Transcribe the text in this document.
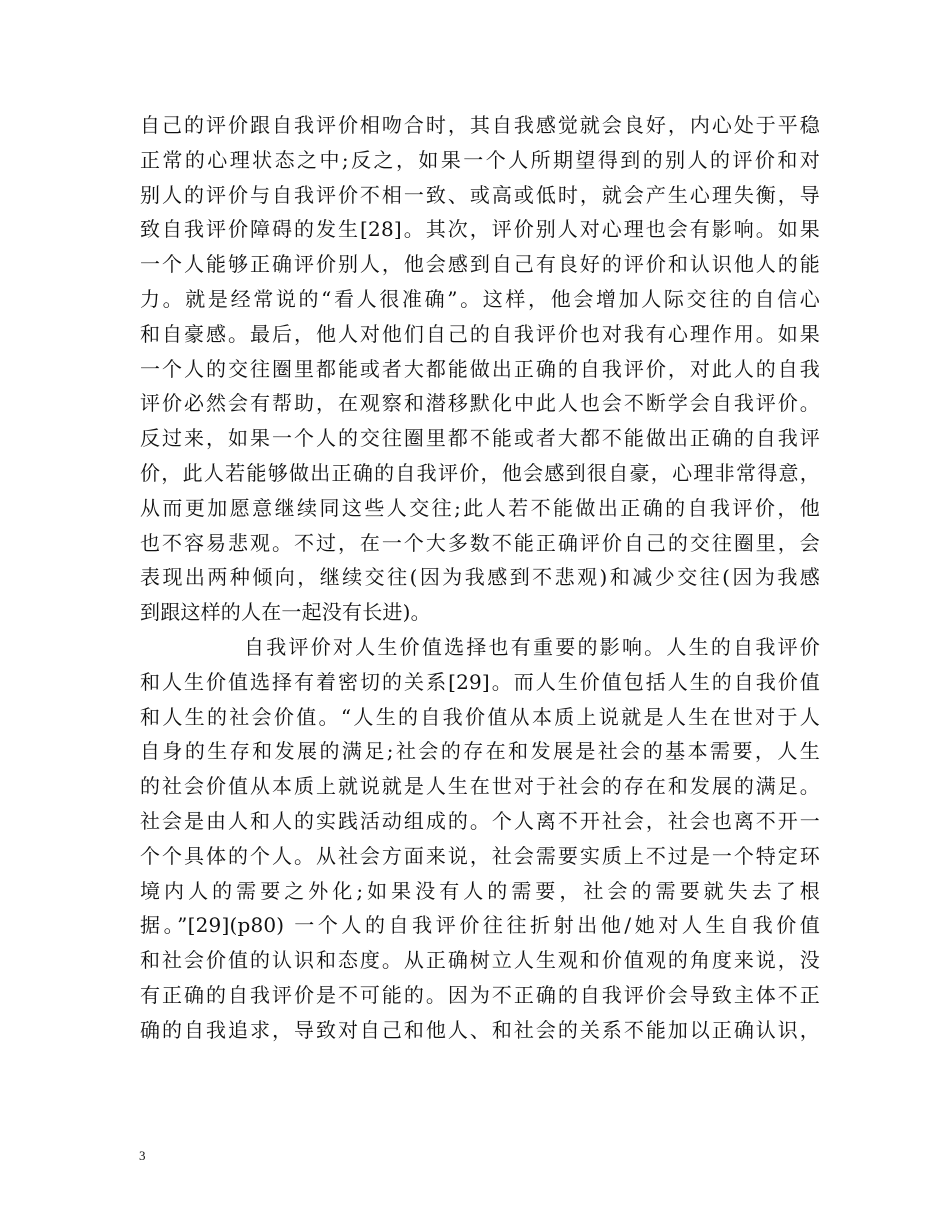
自己的评价跟自我评价相吻合时，其自我感觉就会良好，内心处于平稳
正常的心理状态之中;反之，如果一个人所期望得到的别人的评价和对
别人的评价与自我评价不相一致、或高或低时，就会产生心理失衡，导
致自我评价障碍的发生[28]。其次，评价别人对心理也会有影响。如果
一个人能够正确评价别人，他会感到自己有良好的评价和认识他人的能
力。就是经常说的“看人很准确”。这样，他会增加人际交往的自信心
和自豪感。最后，他人对他们自己的自我评价也对我有心理作用。如果
一个人的交往圈里都能或者大都能做出正确的自我评价，对此人的自我
评价必然会有帮助，在观察和潜移默化中此人也会不断学会自我评价。
反过来，如果一个人的交往圈里都不能或者大都不能做出正确的自我评
价，此人若能够做出正确的自我评价，他会感到很自豪，心理非常得意，
从而更加愿意继续同这些人交往;此人若不能做出正确的自我评价，他
也不容易悲观。不过，在一个大多数不能正确评价自己的交往圈里，会
表现出两种倾向，继续交往(因为我感到不悲观)和减少交往(因为我感
到跟这样的人在一起没有长进)。
自我评价对人生价值选择也有重要的影响。人生的自我评价
和人生价值选择有着密切的关系[29]。而人生价值包括人生的自我价值
和人生的社会价值。“人生的自我价值从本质上说就是人生在世对于人
自身的生存和发展的满足;社会的存在和发展是社会的基本需要，人生
的社会价值从本质上就说就是人生在世对于社会的存在和发展的满足。
社会是由人和人的实践活动组成的。个人离不开社会，社会也离不开一
个个具体的个人。从社会方面来说，社会需要实质上不过是一个特定环
境内人的需要之外化;如果没有人的需要，社会的需要就失去了根
据。”[29](p80) 一个人的自我评价往往折射出他/她对人生自我价值
和社会价值的认识和态度。从正确树立人生观和价值观的角度来说，没
有正确的自我评价是不可能的。因为不正确的自我评价会导致主体不正
确的自我追求，导致对自己和他人、和社会的关系不能加以正确认识，
3
